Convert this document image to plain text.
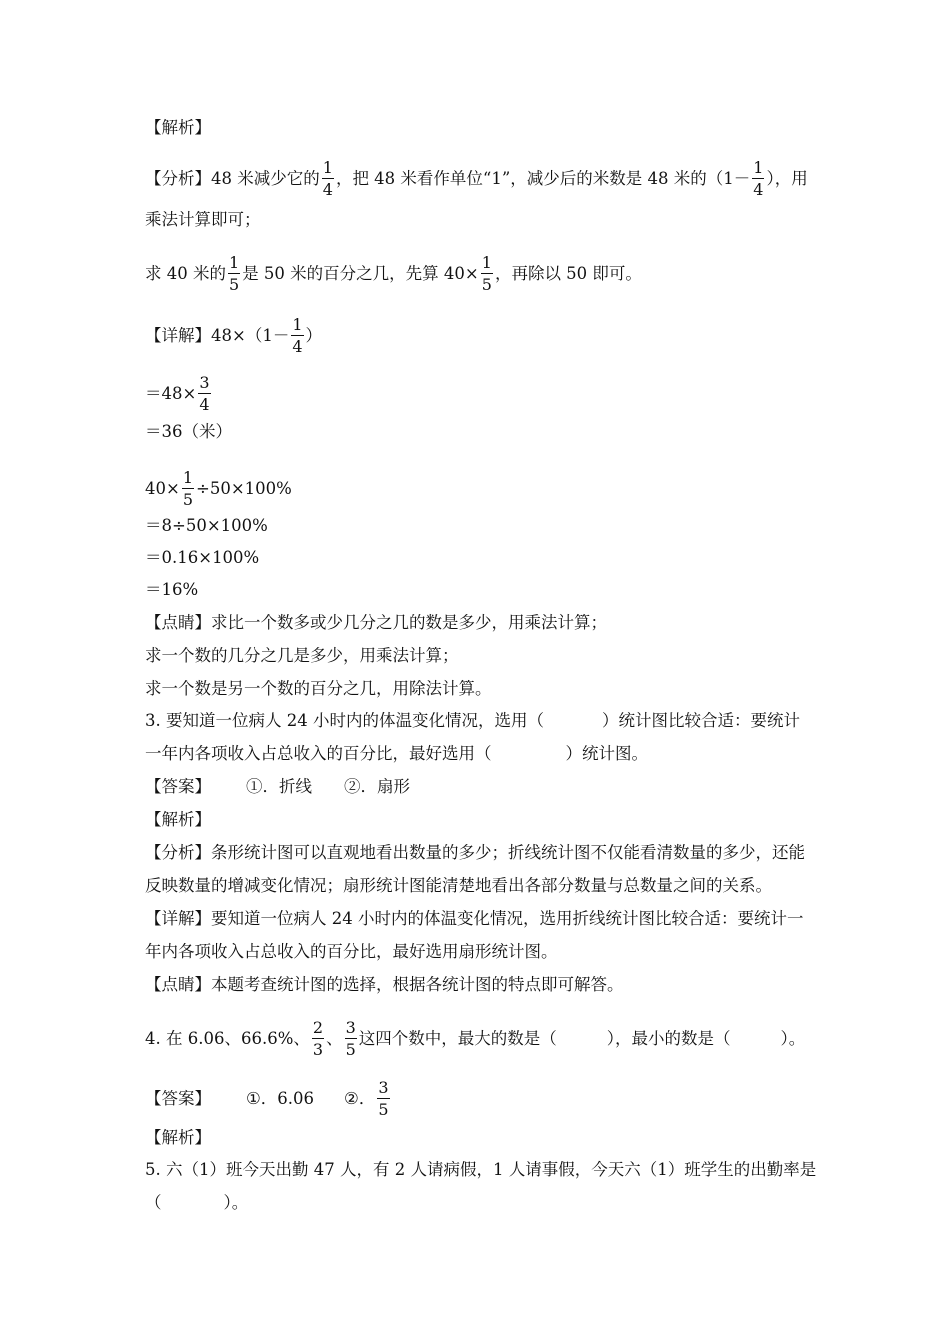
【解析】
【分析】48 米减少它的 $\frac{1}{4}$ ，把 48 米看作单位“1”，减少后的米数是 48 米的（$1- \frac{1}{4}$ ），用
乘法计算即可；
求 40 米的 $\frac{1}{5}$ 是 50 米的百分之几，先算 $40\times \frac{1}{5}$ ，再除以 50 即可。
【详解】$48\times(1- \frac{1}{4}$ ）
$=48\times \frac{3}{4}$
＝36（米）
$40\times \frac{1}{5} \div 50\times 100\%$
＝8÷50×100%
＝0.16×100%
＝16%
【点睛】求比一个数多或少几分之几的数是多少，用乘法计算；
求一个数的几分之几是多少，用乘法计算；
求一个数是另一个数的百分之几，用除法计算。
3. 要知道一位病人 24 小时内的体温变化情况，选用（	）统计图比较合适：要统计
一年内各项收入占总收入的百分比，最好选用（	）统计图。
【答案】 ①．折线 ②．扇形
【解析】
【分析】条形统计图可以直观地看出数量的多少；折线统计图不仅能看清数量的多少，还能
反映数量的增减变化情况；扇形统计图能清楚地看出各部分数量与总数量之间的关系。
【详解】要知道一位病人 24 小时内的体温变化情况，选用折线统计图比较合适：要统计一
年内各项收入占总收入的百分比，最好选用扇形统计图。
【点睛】本题考查统计图的选择，根据各统计图的特点即可解答。
4. 在 6.06、66.6%、 $\frac{2}{3}$ 、 $\frac{3}{5}$ 这四个数中，最大的数是（	），最小的数是（	）。
【答案】 ①．6.06 ②． $\frac{3}{5}$
【解析】
5. 六（1）班今天出勤 47 人，有 2 人请病假，1 人请事假，今天六（1）班学生的出勤率是
（	）。
